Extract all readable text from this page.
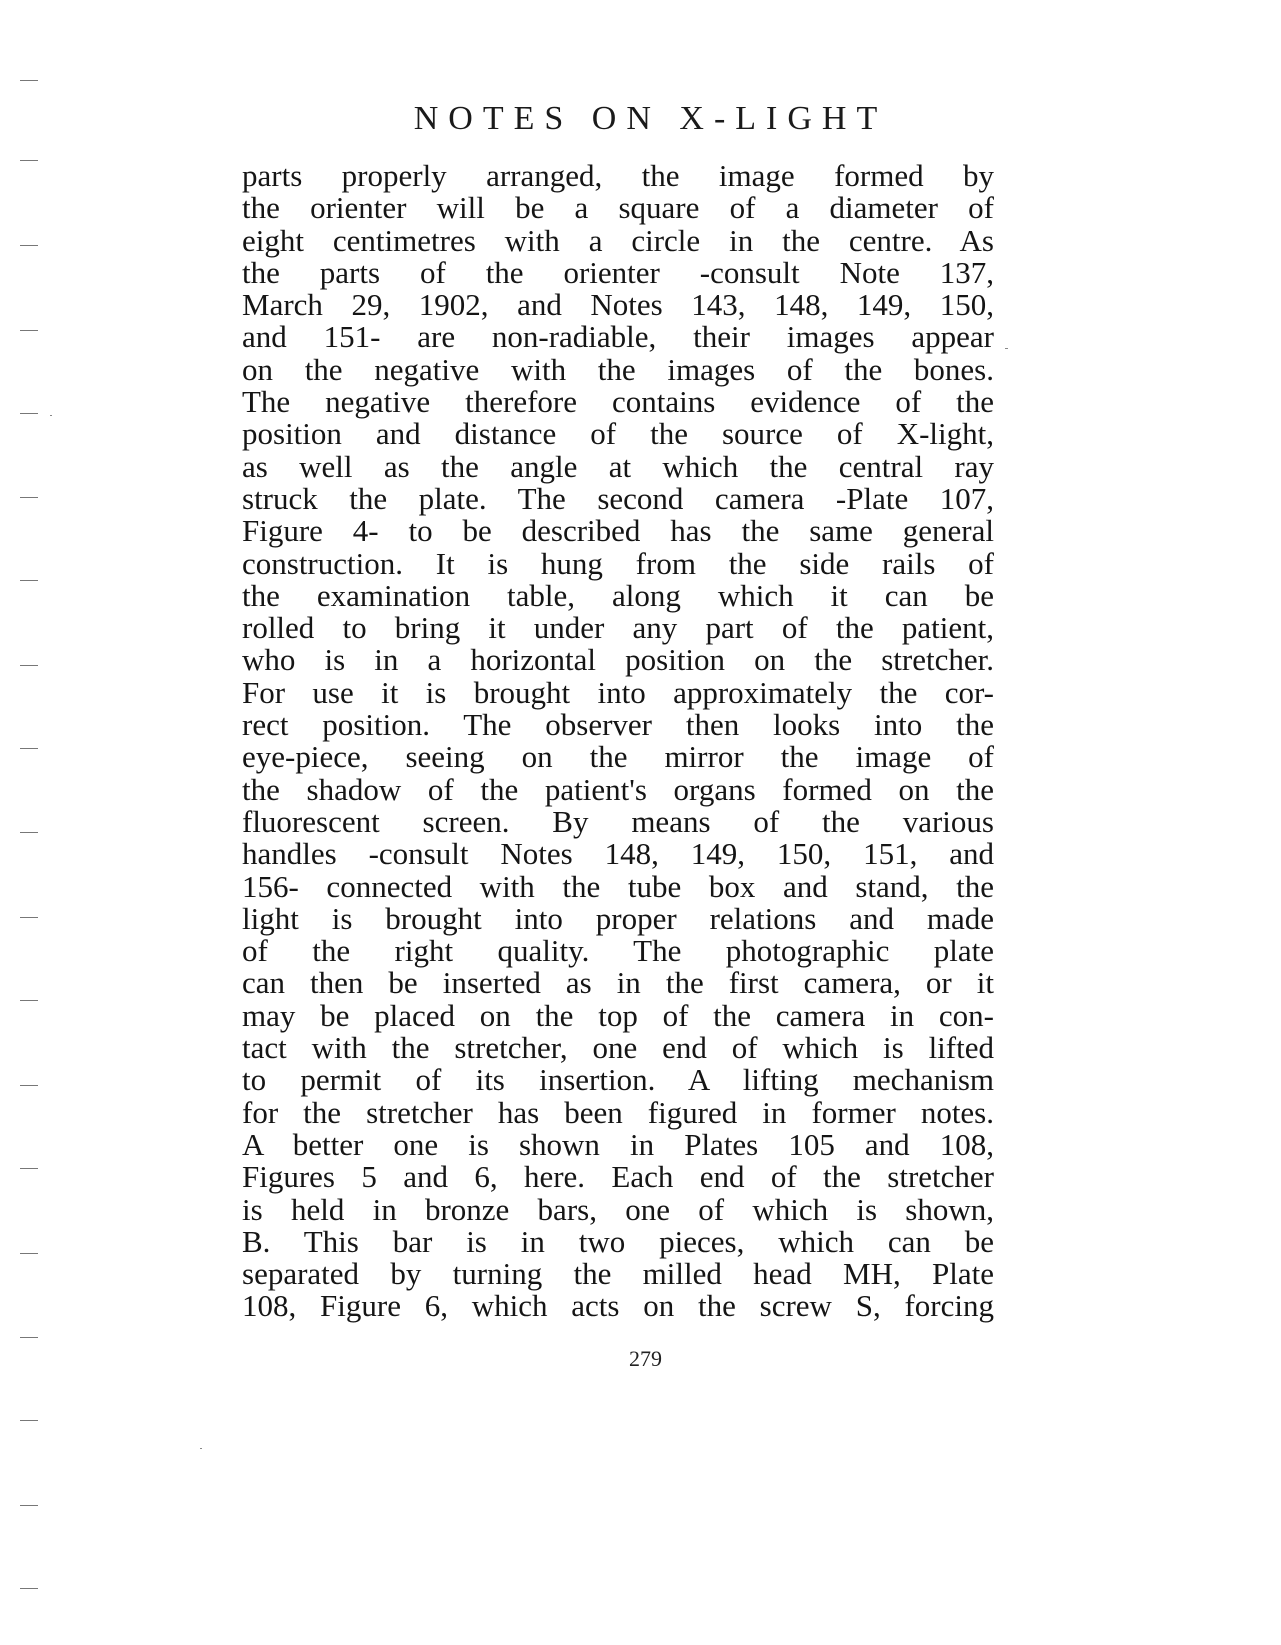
NOTES ON X-LIGHT
parts properly arranged, the image formed by
the orienter will be a square of a diameter of
eight centimetres with a circle in the centre. As
the parts of the orienter -consult Note 137,
March 29, 1902, and Notes 143, 148, 149, 150,
and 151- are non-radiable, their images appear
on the negative with the images of the bones.
The negative therefore contains evidence of the
position and distance of the source of X-light,
as well as the angle at which the central ray
struck the plate. The second camera -Plate 107,
Figure 4- to be described has the same general
construction. It is hung from the side rails of
the examination table, along which it can be
rolled to bring it under any part of the patient,
who is in a horizontal position on the stretcher.
For use it is brought into approximately the cor-
rect position. The observer then looks into the
eye-piece, seeing on the mirror the image of
the shadow of the patient's organs formed on the
fluorescent screen. By means of the various
handles -consult Notes 148, 149, 150, 151, and
156- connected with the tube box and stand, the
light is brought into proper relations and made
of the right quality. The photographic plate
can then be inserted as in the first camera, or it
may be placed on the top of the camera in con-
tact with the stretcher, one end of which is lifted
to permit of its insertion. A lifting mechanism
for the stretcher has been figured in former notes.
A better one is shown in Plates 105 and 108,
Figures 5 and 6, here. Each end of the stretcher
is held in bronze bars, one of which is shown,
B. This bar is in two pieces, which can be
separated by turning the milled head MH, Plate
108, Figure 6, which acts on the screw S, forcing
279
